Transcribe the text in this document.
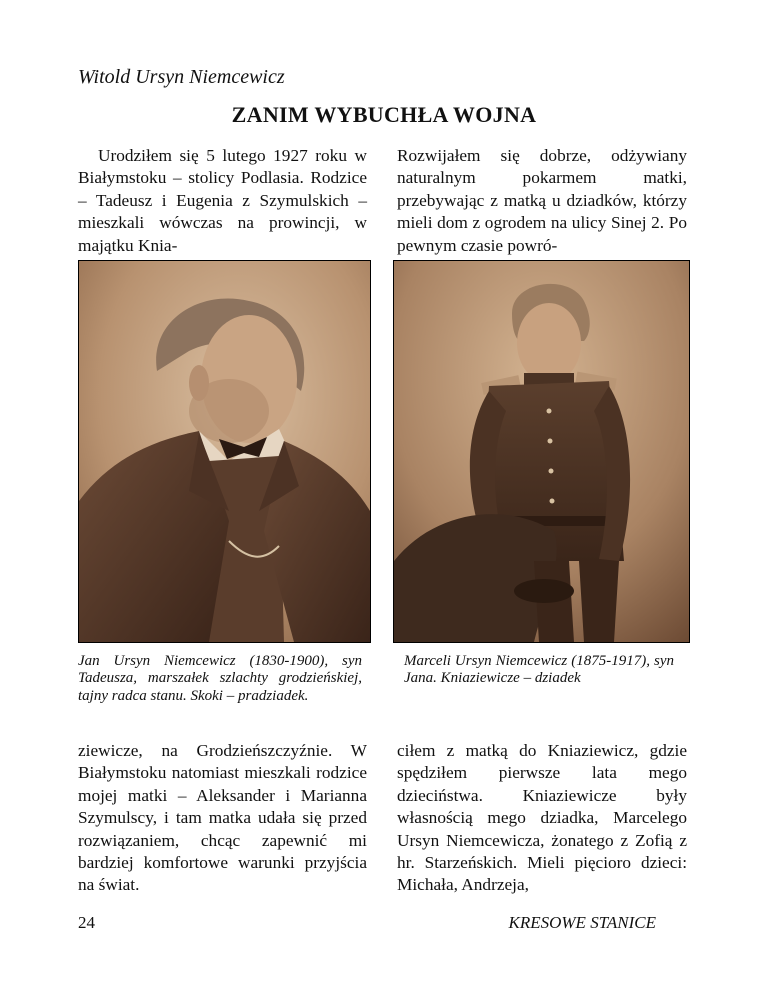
Witold Ursyn Niemcewicz
ZANIM WYBUCHŁA WOJNA

Urodziłem się 5 lutego 1927 roku w Białymstoku – stolicy Podlasia. Rodzice – Tadeusz i Eugenia z Szymulskich – mieszkali wówczas na prowincji, w majątku Knia-

Rozwijałem się dobrze, odżywiany naturalnym pokarmem matki, przebywając z matką u dziadków, którzy mieli dom z ogrodem na ulicy Sinej 2. Po pewnym czasie powró-

Jan Ursyn Niemcewicz (1830-1900), syn Tadeusza, marszałek szlachty grodzieńskiej, tajny radca stanu. Skoki – pradziadek.
Marceli Ursyn Niemcewicz (1875-1917), syn Jana. Kniaziewicze – dziadek

ziewicze, na Grodzieńszczyźnie. W Białymstoku natomiast mieszkali rodzice mojej matki – Aleksander i Marianna Szymulscy, i tam matka udała się przed rozwiązaniem, chcąc zapewnić mi bardziej komfortowe warunki przyjścia na świat.

ciłem z matką do Kniaziewicz, gdzie spędziłem pierwsze lata mego dzieciństwa. Kniaziewicze były własnością mego dziadka, Marcelego Ursyn Niemcewicza, żonatego z Zofią z hr. Starzeńskich. Mieli pięcioro dzieci: Michała, Andrzeja,

24	KRESOWE STANICE
